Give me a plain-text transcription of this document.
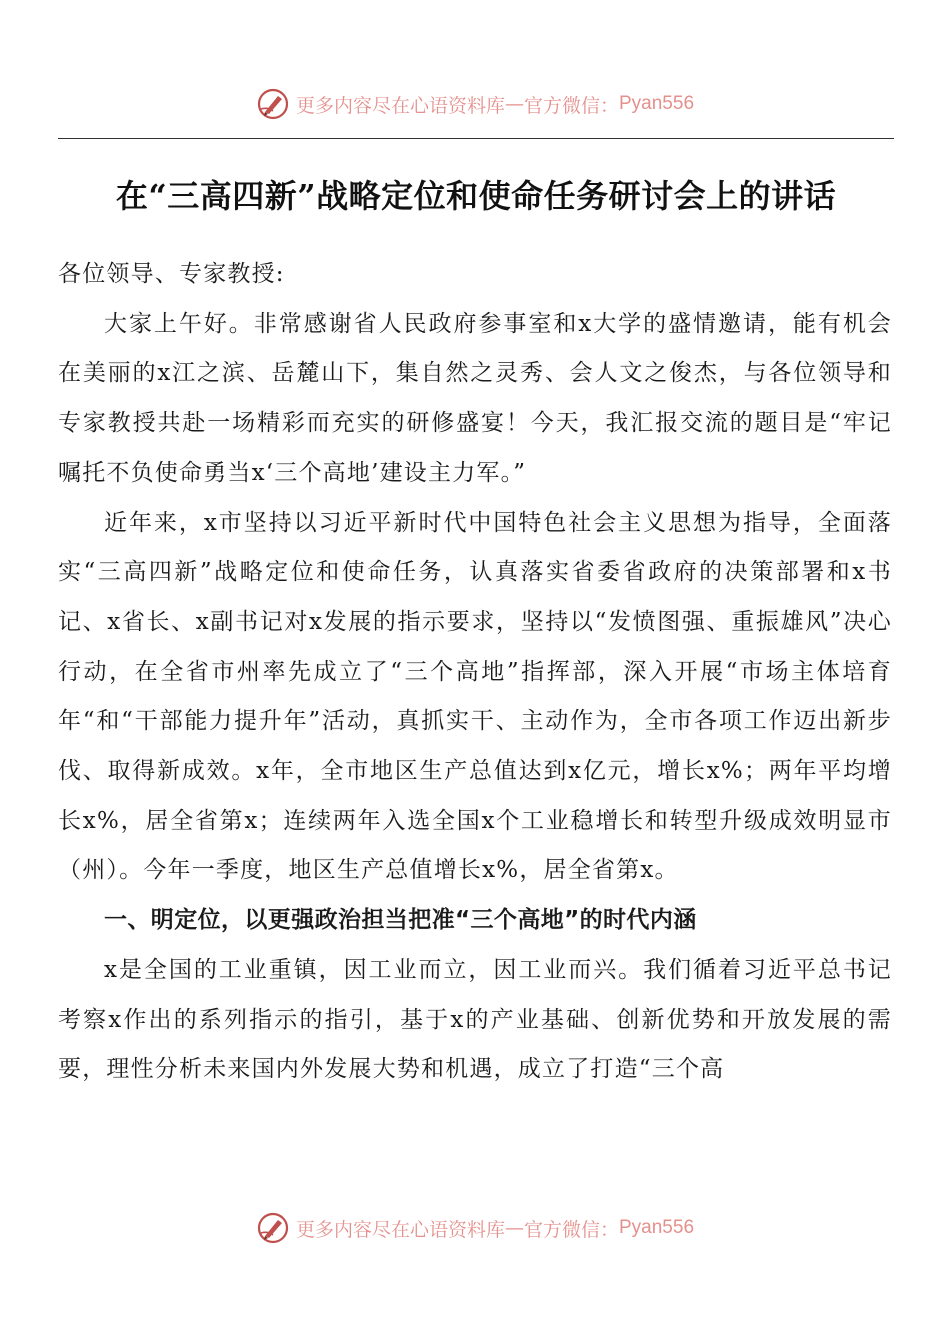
更多内容尽在心语资料库 — 官方微信： Pyan556
在“三高四新”战略定位和使命任务研讨会上的讲话

各位领导、专家教授:

大家上午好。非常感谢省人民政府参事室和x大学的盛情邀请，能有机会在美丽的x江之滨、岳麓山下，集自然之灵秀、会人文之俊杰，与各位领导和专家教授共赴一场精彩而充实的研修盛宴！今天，我汇报交流的题目是“牢记嘱托不负使命勇当x‘三个高地’建设主力军。”

近年来，x市坚持以习近平新时代中国特色社会主义思想为指导，全面落实“三高四新”战略定位和使命任务，认真落实省委省政府的决策部署和x书记、x省长、x副书记对x发展的指示要求，坚持以“发愤图强、重振雄风”决心行动，在全省市州率先成立了“三个高地”指挥部，深入开展“市场主体培育年“和“干部能力提升年”活动，真抓实干、主动作为，全市各项工作迈出新步伐、取得新成效。x年，全市地区生产总值达到x亿元，增长x%；两年平均增长x%，居全省第x；连续两年入选全国x个工业稳增长和转型升级成效明显市（州）。今年一季度，地区生产总值增长x%，居全省第x。

一、明定位，以更强政治担当把准“三个高地”的时代内涵

x是全国的工业重镇，因工业而立，因工业而兴。我们循着习近平总书记考察x作出的系列指示的指引，基于x的产业基础、创新优势和开放发展的需要，理性分析未来国内外发展大势和机遇，成立了打造“三个高

更多内容尽在心语资料库 — 官方微信： Pyan556
